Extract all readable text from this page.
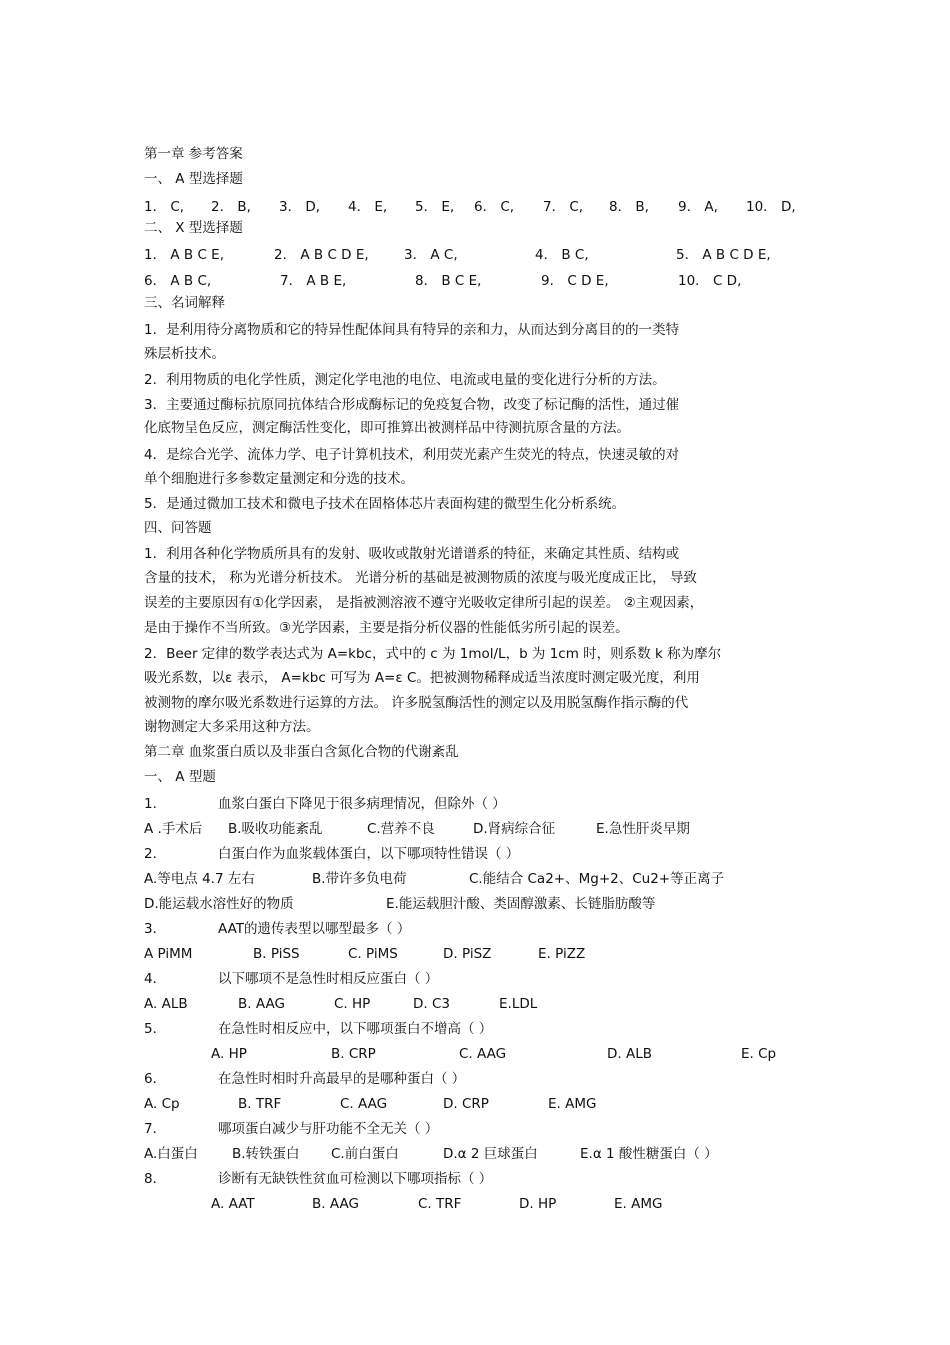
第一章 参考答案
一、 A 型选择题
1． C, 2． B, 3． D, 4． E, 5． E, 6． C, 7． C, 8． B, 9． A, 10． D,
二、 X 型选择题
1． A B C E,	2． A B C D E,	3． A C,	4． B C,	5． A B C D E,
6． A B C,	7． A B E,	8． B C E,	9． C D E,	10． C D,
三、名词解释
1．是利用待分离物质和它的特异性配体间具有特异的亲和力，从而达到分离目的的一类特
殊层析技术。
2．利用物质的电化学性质，测定化学电池的电位、电流或电量的变化进行分析的方法。
3．主要通过酶标抗原同抗体结合形成酶标记的免疫复合物，改变了标记酶的活性，通过催
化底物呈色反应，测定酶活性变化，即可推算出被测样品中待测抗原含量的方法。
4．是综合光学、流体力学、电子计算机技术，利用荧光素产生荧光的特点，快速灵敏的对
单个细胞进行多参数定量测定和分选的技术。
5．是通过微加工技术和微电子技术在固格体芯片表面构建的微型生化分析系统。
四、问答题
1．利用各种化学物质所具有的发射、吸收或散射光谱谱系的特征，来确定其性质、结构或
含量的技术， 称为光谱分析技术。 光谱分析的基础是被测物质的浓度与吸光度成正比， 导致
误差的主要原因有①化学因素， 是指被测溶液不遵守光吸收定律所引起的误差。 ②主观因素，
是由于操作不当所致。③光学因素，主要是指分析仪器的性能低劣所引起的误差。
2．Beer 定律的数学表达式为 A=kbc，式中的 c 为 1mol/L，b 为 1cm 时，则系数 k 称为摩尔
吸光系数，以ε 表示， A=kbc 可写为 A=ε C。把被测物稀释成适当浓度时测定吸光度，利用
被测物的摩尔吸光系数进行运算的方法。 许多脱氢酶活性的测定以及用脱氢酶作指示酶的代
谢物测定大多采用这种方法。
第二章 血浆蛋白质以及非蛋白含氮化合物的代谢紊乱
一、 A 型题
1．	血浆白蛋白下降见于很多病理情况，但除外（ ）
A .手术后 B.吸收功能紊乱	C.营养不良	D.肾病综合征	E.急性肝炎早期
2．	白蛋白作为血浆载体蛋白，以下哪项特性错误（ ）
A.等电点 4.7 左右	B.带许多负电荷	C.能结合 Ca2+、Mg+2、Cu2+等正离子
D.能运载水溶性好的物质	E.能运载胆汁酸、类固醇激素、长链脂肪酸等
3．	AAT的遗传表型以哪型最多（ ）
A PiMM	B. PiSS	C. PiMS	D. PiSZ	E. PiZZ
4．	以下哪项不是急性时相反应蛋白（ ）
A. ALB	B. AAG	C. HP	D. C3	E.LDL
5．	在急性时相反应中，以下哪项蛋白不增高（ ）
A. HP	B. CRP	C. AAG	D. ALB	E. Cp
6．	在急性时相时升高最早的是哪种蛋白（ ）
A. Cp	B. TRF	C. AAG	D. CRP	E. AMG
7．	哪项蛋白减少与肝功能不全无关（ ）
A.白蛋白	B.转铁蛋白 C.前白蛋白	D.α 2 巨球蛋白	E.α 1 酸性糖蛋白（ ）
8．	诊断有无缺铁性贫血可检测以下哪项指标（ ）
A. AAT	B. AAG	C. TRF	D. HP	E. AMG
